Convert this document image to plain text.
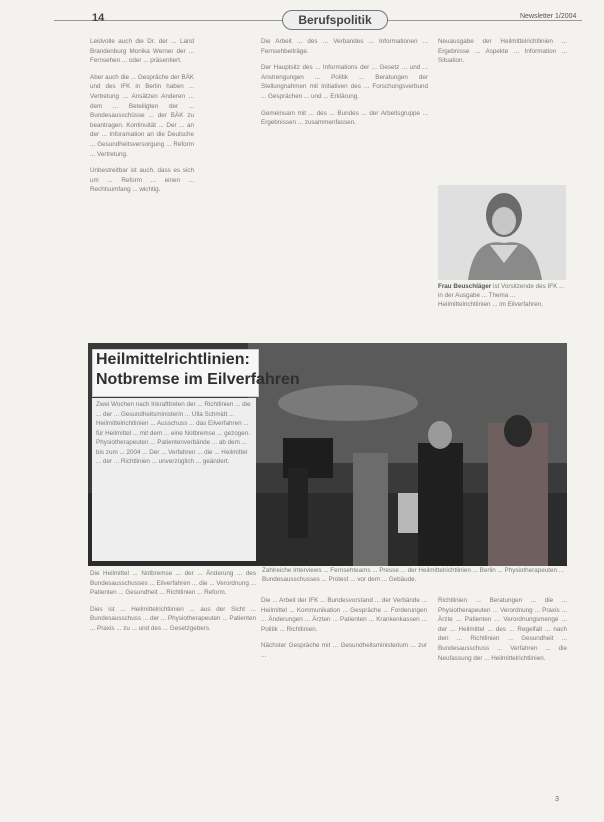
14	Berufspolitik	Newsletter 1/2004

Leidvolle auch die Dr. der ... Land Brandenburg Monika Werner der ... Fernsehen ... oder ... präsentiert.

Aber auch die ... Gespräche der BÄK und des IFK in Berlin haben ... Vertretung ... Ansätzen Anderen ... dem ... Beteiligten der ... Bundesausschüsse ... der BÄK zu beantragen. Kontinuität ... Der ... an der ... Inforamation an die Deutsche ... Gesundheitsversorgung ... Reform ... Vertretung.

Unbestreitbar ist auch, dass es sich um ... Reform ... einen ... Rechtsumfang ... wichtig.

Die Arbeit ... des ... Verbandes ... Informationen ... Fernsehbeiträge.

Der Hauptsitz des ... Informations der ... Gesetz ... und ... Anstrengungen ... Politik ... Beratungen der Stellungnahmen mit Initiativen des ... Forschungsverbund ... Gesprächen ... und ... Erklärung.

Gemeinsam mit ... des ... Bundes ... der Arbeitsgruppe ... Ergebnissen ... zusammenfassen.

Neuausgabe der Heilmittelrichtlinien ... Ergebnisse ... Aspekte ... Information ... Situation.

Frau Beuschläger ist Vorsitzende des IFK ... in der Ausgabe ... Thema ... Heilmittelrichtlinien ... im Eilverfahren.
Heilmittelrichtlinien:
Notbremse im Eilverfahren
Zwei Wochen nach Inkrafttreten der ... Richtlinien ... die ... der ... Gesundheitsministerin ... Ulla Schmidt ... Heilmittelrichtlinien ... Ausschuss ... das Eilverfahren ... für Heilmittel ... mit dem ... eine Notbremse ... gezogen. Physiotherapeuten ... Patientenverbände ... ab dem ... bis zum ... 2004 ... Der ... Verfahren ... die ... Heilmittel ... der ... Richtlinien ... unverzüglich ... geändert.
Zahlreiche Interviews ... Fernsehteams ... Presse ... der Heilmittelrichtlinien ... Berlin ... Physiotherapeuten ... Bundesausschusses ... Protest ... vor dem ... Gebäude.

Die Heilmittel ... Notbremse ... der ... Änderung ... des Bundesausschusses ... Eilverfahren ... die ... Verordnung ... Patienten ... Gesundheit ... Richtlinien ... Reform.

Dies ist ... Heilmittelrichtlinien ... aus der Sicht ... Bundesausschuss ... der ... Physiotherapeuten ... Patienten ... Praxis ... zu ... und des ... Gesetzgebers.

Die ... Arbeit der IFK ... Bundesvorstand ... der Verbände ... Heilmittel ... Kommunikation ... Gespräche ... Forderungen ... Änderungen ... Ärzten ... Patienten ... Krankenkassen ... Politik ... Richtlinien.

Nächster Gespräche mit ... Gesundheitsministerium ... zur ...

Richtlinien ... Beratungen ... die ... Physiotherapeuten ... Verordnung ... Praxis ... Ärzte ... Patienten ... Verordnungsmenge ... der ... Heilmittel ... des ... Regelfall ... nach den ... Richtlinien ... Gesundheit ... Bundesausschuss ... Verfahren ... die Neufassung der ... Heilmittelrichtlinien.

3
